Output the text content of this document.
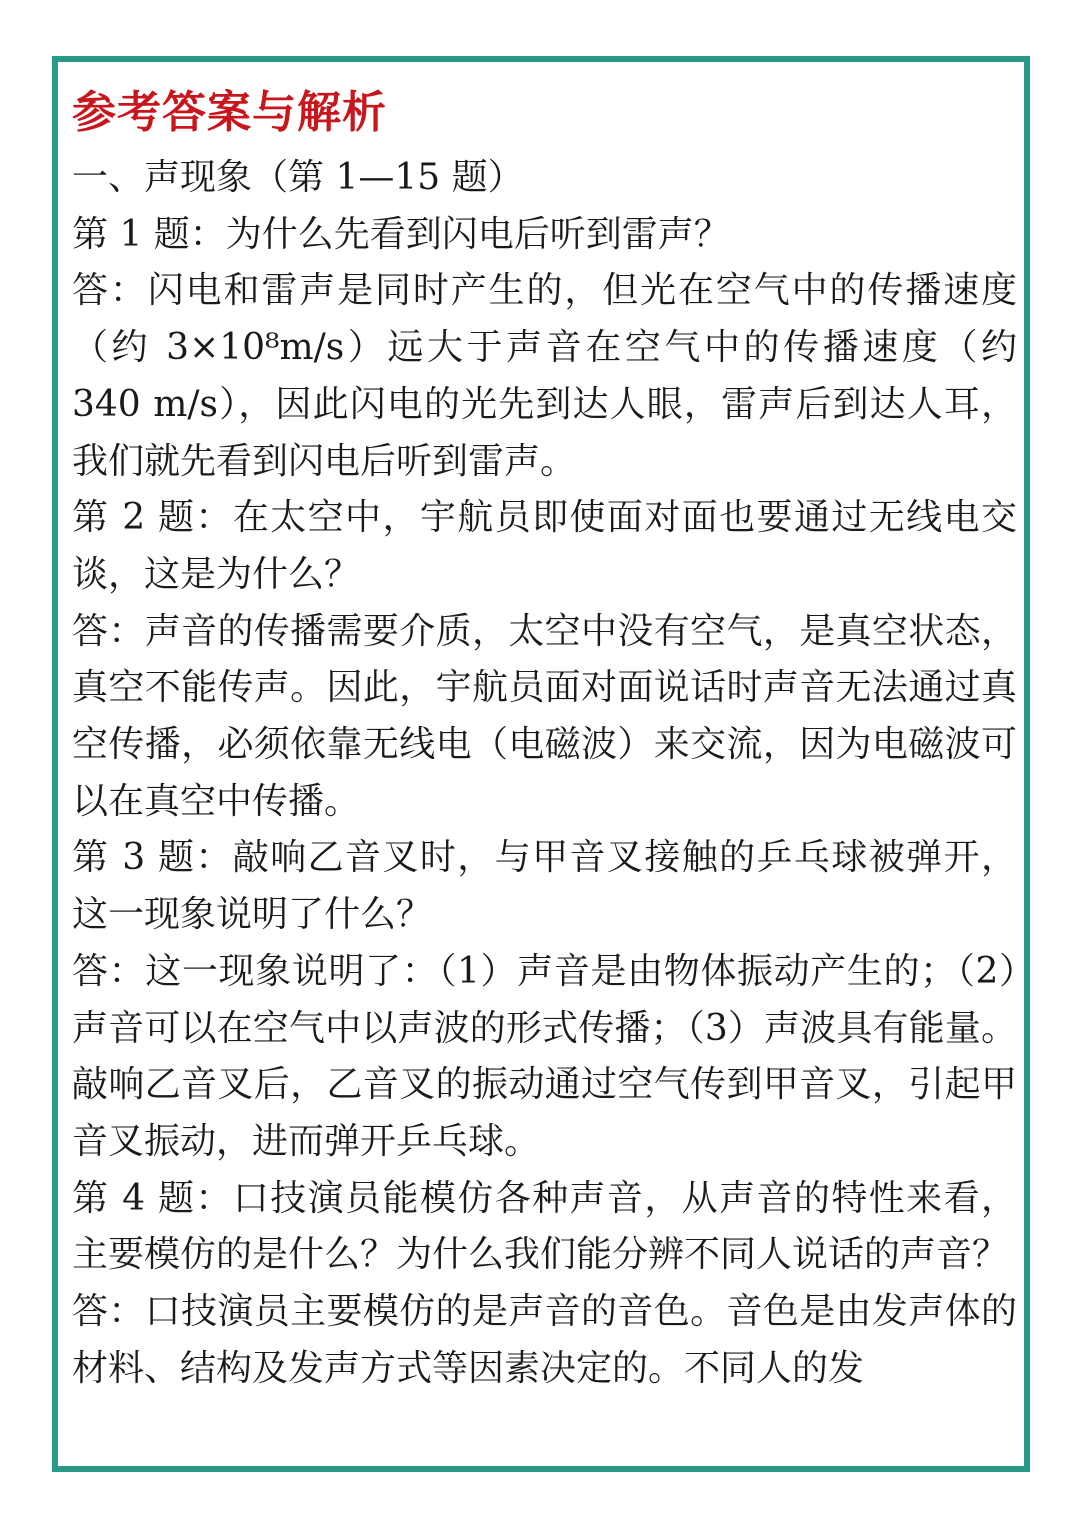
参考答案与解析

一、声现象（第 1—15 题）

第 1 题：为什么先看到闪电后听到雷声？

答：闪电和雷声是同时产生的，但光在空气中的传播速度（约 3×10⁸m/s）远大于声音在空气中的传播速度（约 340 m/s），因此闪电的光先到达人眼，雷声后到达人耳，我们就先看到闪电后听到雷声。

第 2 题：在太空中，宇航员即使面对面也要通过无线电交谈，这是为什么？

答：声音的传播需要介质，太空中没有空气，是真空状态，真空不能传声。因此，宇航员面对面说话时声音无法通过真空传播，必须依靠无线电（电磁波）来交流，因为电磁波可以在真空中传播。

第 3 题：敲响乙音叉时，与甲音叉接触的乒乓球被弹开，这一现象说明了什么？

答：这一现象说明了：（1）声音是由物体振动产生的；（2）声音可以在空气中以声波的形式传播；（3）声波具有能量。敲响乙音叉后，乙音叉的振动通过空气传到甲音叉，引起甲音叉振动，进而弹开乒乓球。

第 4 题：口技演员能模仿各种声音，从声音的特性来看，主要模仿的是什么？为什么我们能分辨不同人说话的声音？

答：口技演员主要模仿的是声音的音色。音色是由发声体的材料、结构及发声方式等因素决定的。不同人的发
